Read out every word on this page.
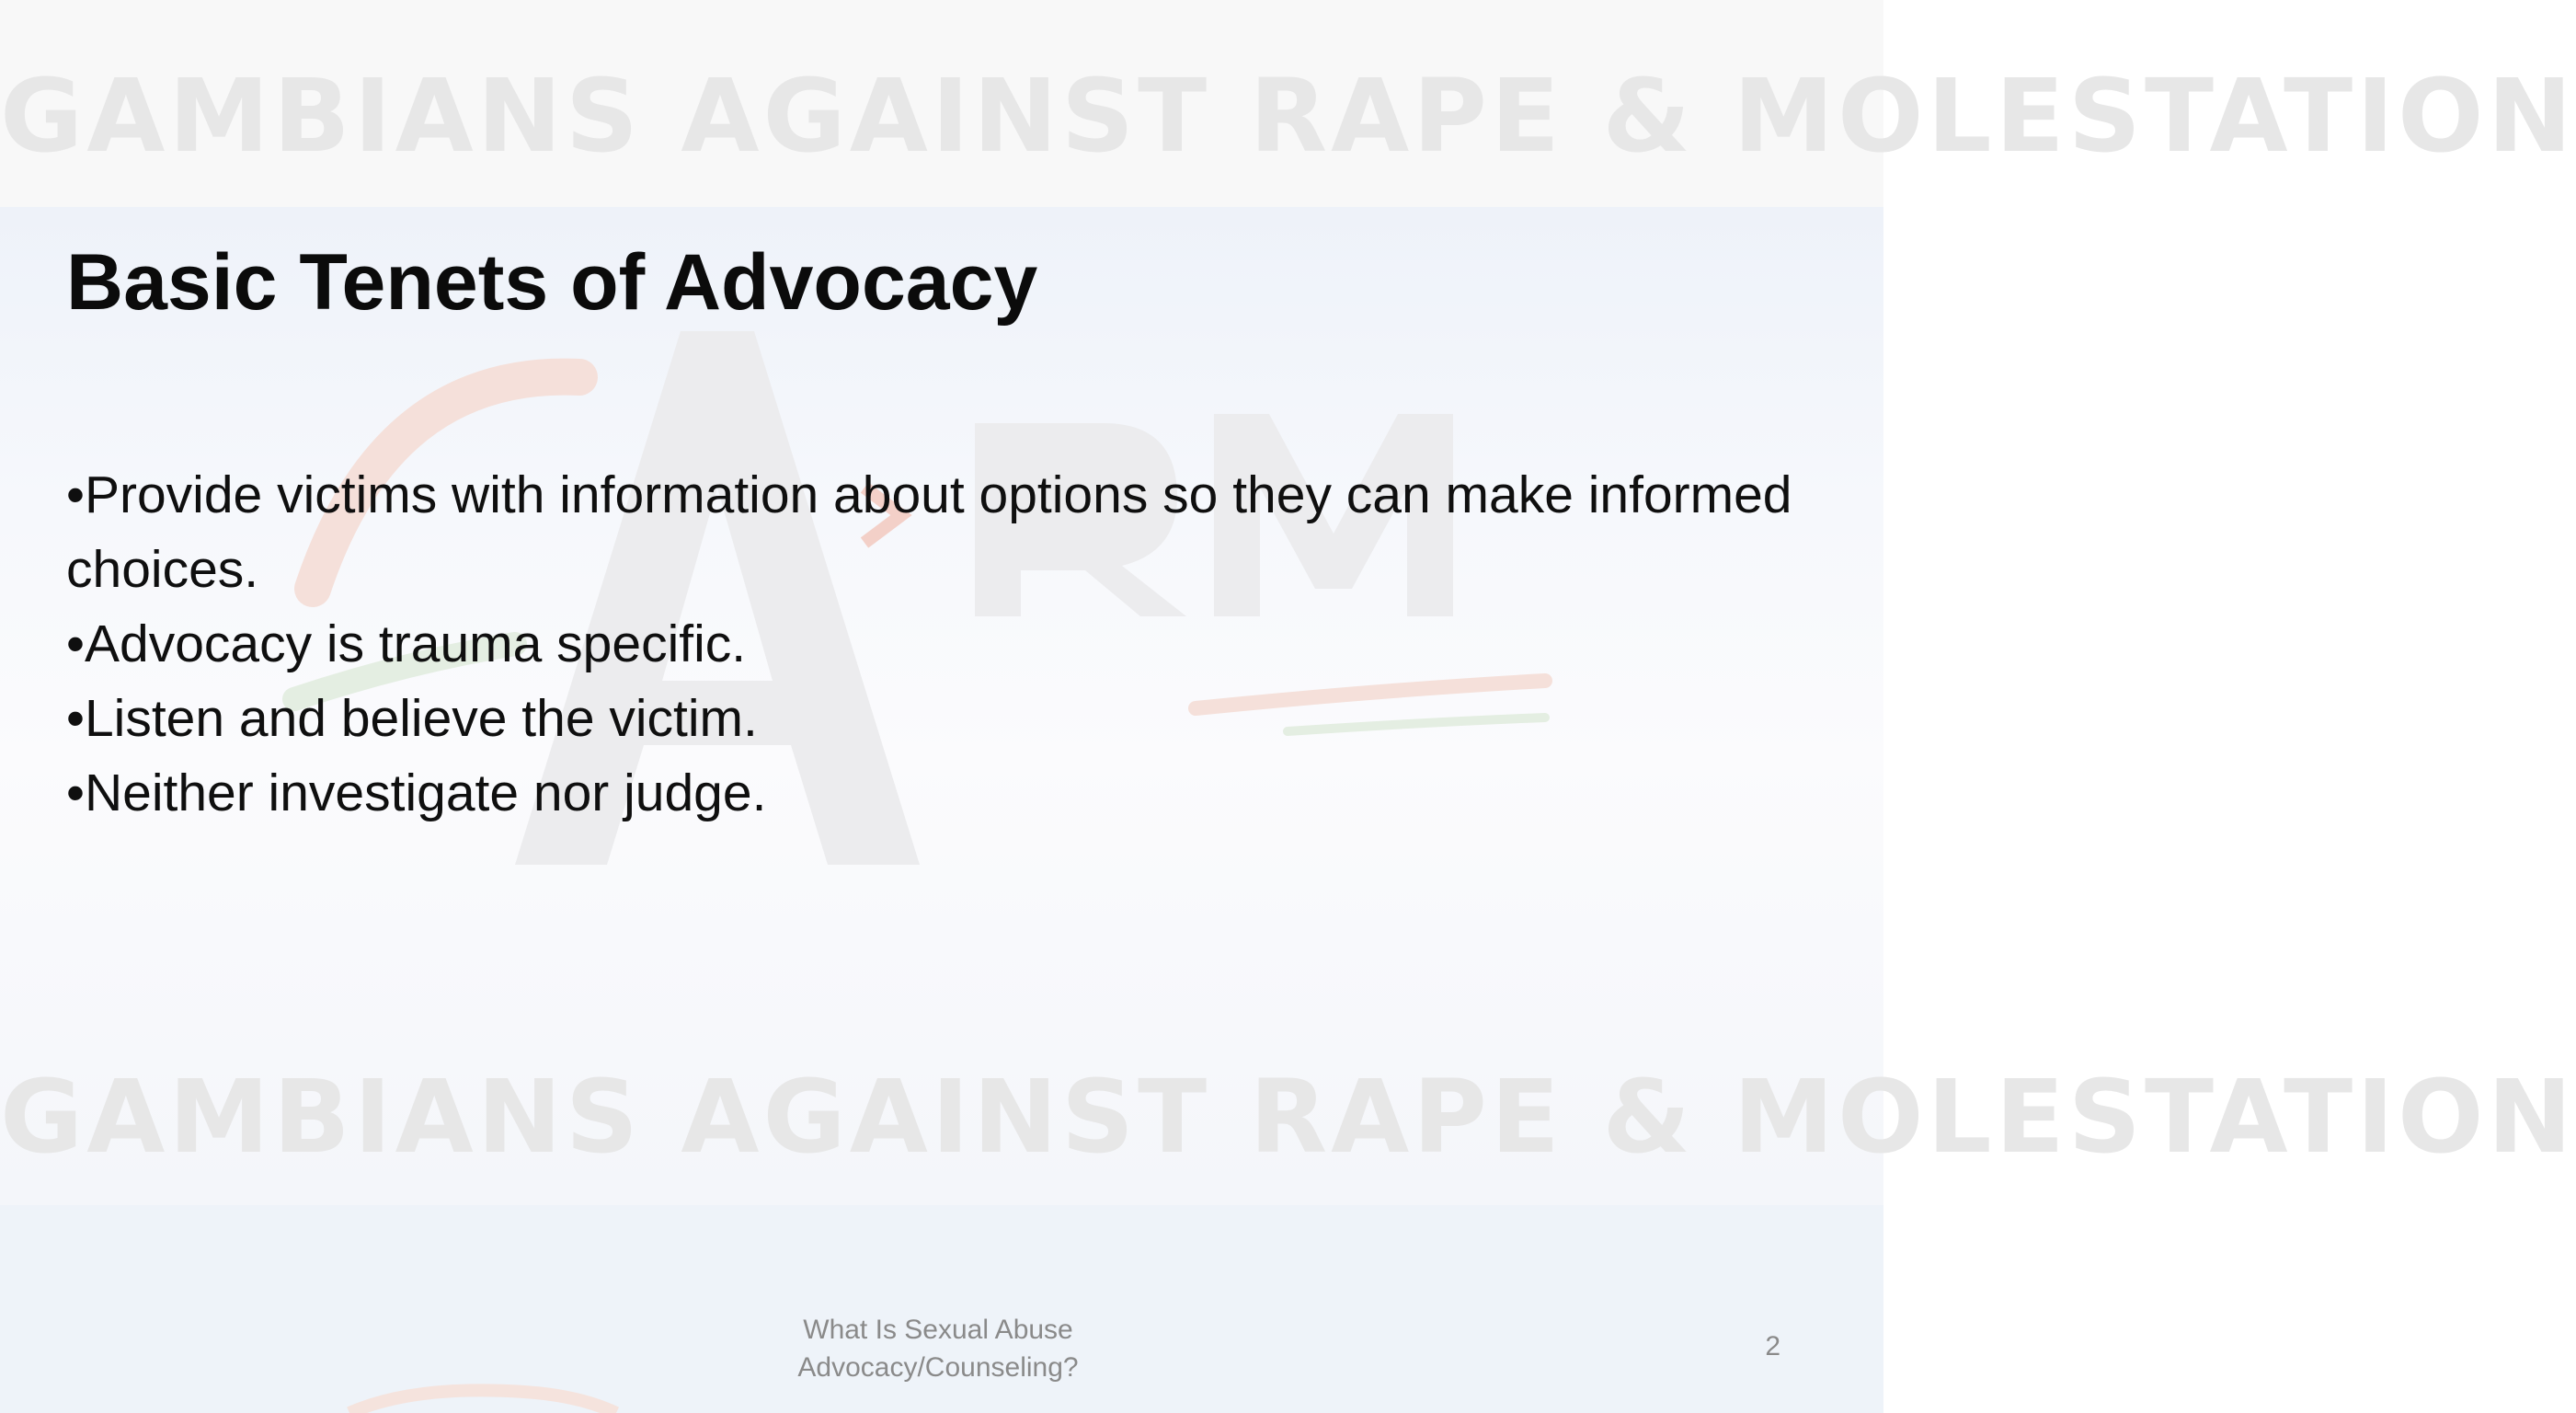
GAMBIANS AGAINST RAPE & MOLESTATION
GAMBIANS AGAINST RAPE & MOLESTATION
Basic Tenets of Advocacy
•Provide victims with information about options so they can make informed choices.
•Advocacy is trauma specific.
•Listen and believe the victim.
•Neither investigate nor judge.
What Is Sexual Abuse
Advocacy/Counseling?
2
